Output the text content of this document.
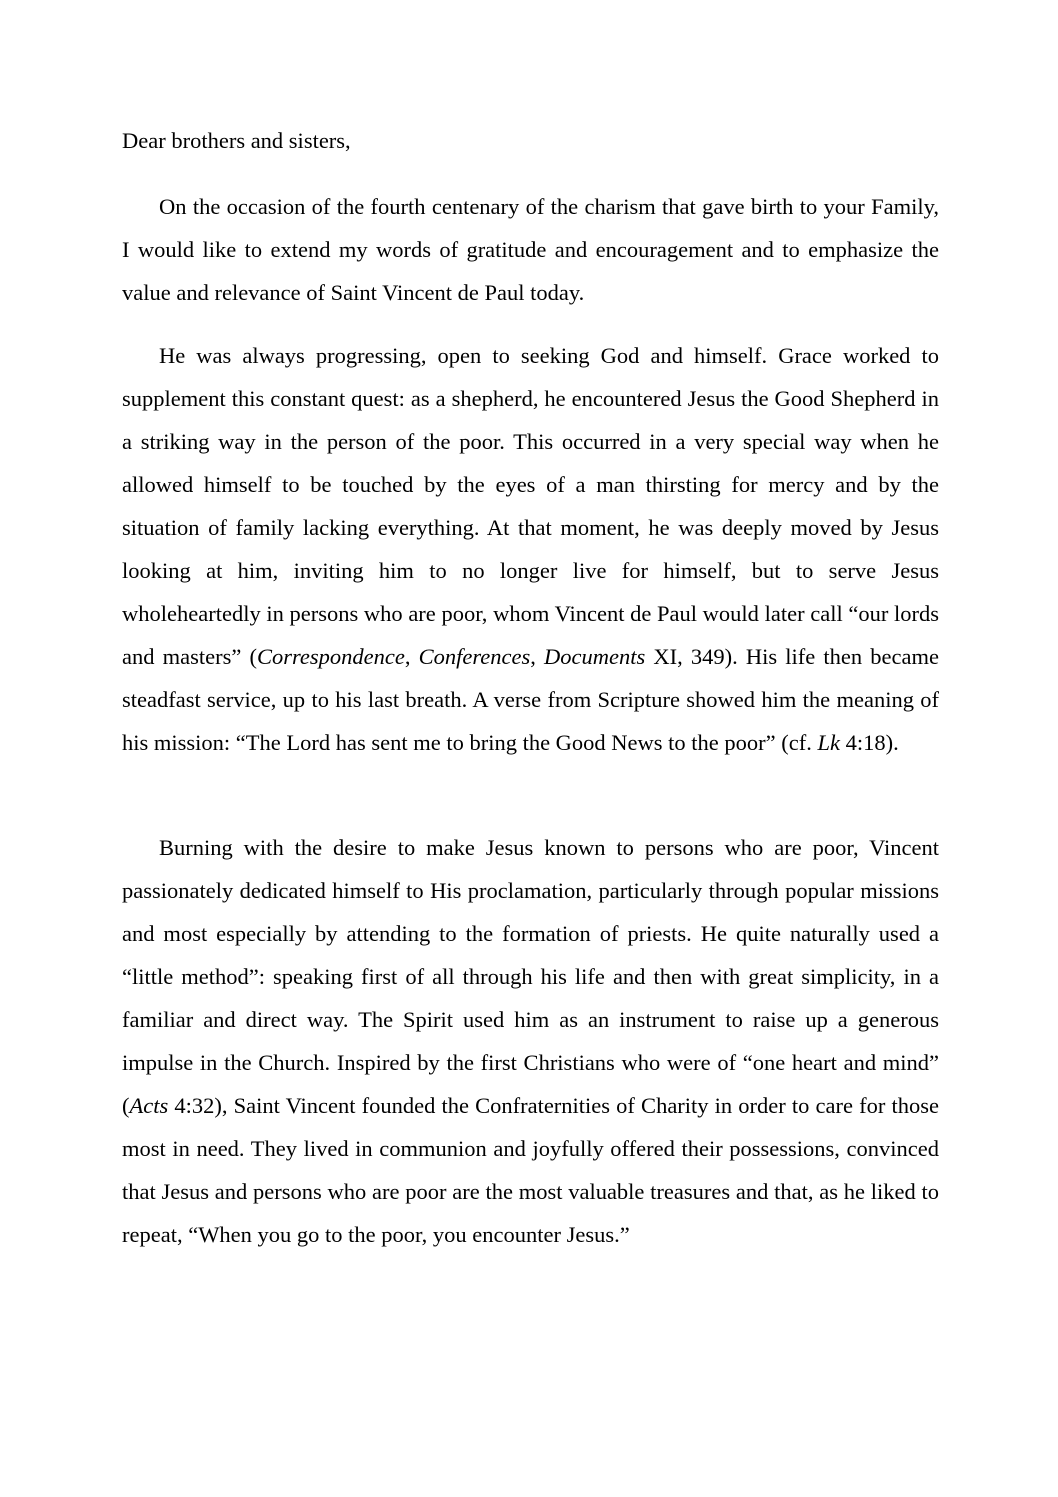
Dear brothers and sisters,

On the occasion of the fourth centenary of the charism that gave birth to your Family, I would like to extend my words of gratitude and encouragement and to emphasize the value and relevance of Saint Vincent de Paul today.

He was always progressing, open to seeking God and himself. Grace worked to supplement this constant quest: as a shepherd, he encountered Jesus the Good Shepherd in a striking way in the person of the poor. This occurred in a very special way when he allowed himself to be touched by the eyes of a man thirsting for mercy and by the situation of family lacking everything. At that moment, he was deeply moved by Jesus looking at him, inviting him to no longer live for himself, but to serve Jesus wholeheartedly in persons who are poor, whom Vincent de Paul would later call “our lords and masters” (Correspondence, Conferences, Documents XI, 349). His life then became steadfast service, up to his last breath. A verse from Scripture showed him the meaning of his mission: “The Lord has sent me to bring the Good News to the poor” (cf. Lk 4:18).

Burning with the desire to make Jesus known to persons who are poor, Vincent passionately dedicated himself to His proclamation, particularly through popular missions and most especially by attending to the formation of priests. He quite naturally used a “little method”: speaking first of all through his life and then with great simplicity, in a familiar and direct way. The Spirit used him as an instrument to raise up a generous impulse in the Church. Inspired by the first Christians who were of “one heart and mind” (Acts 4:32), Saint Vincent founded the Confraternities of Charity in order to care for those most in need. They lived in communion and joyfully offered their possessions, convinced that Jesus and persons who are poor are the most valuable treasures and that, as he liked to repeat, “When you go to the poor, you encounter Jesus.”
